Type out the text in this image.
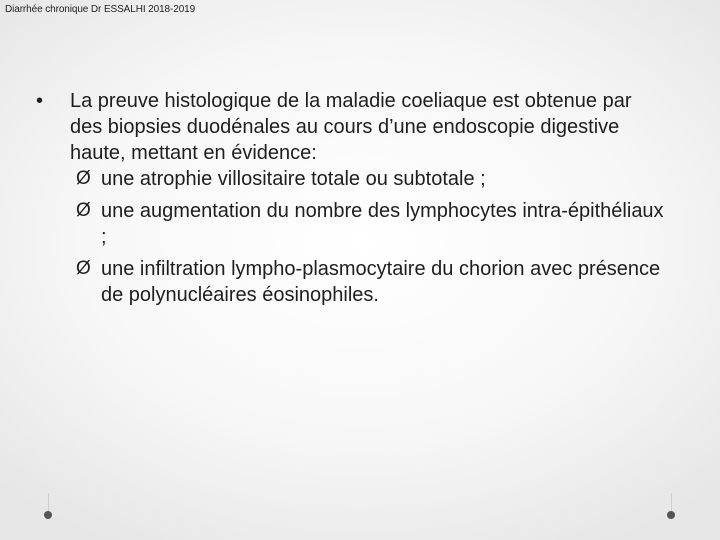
Diarrhée chronique Dr ESSALHI 2018-2019
• La preuve histologique de la maladie coeliaque est obtenue par des biopsies duodénales au cours d’une endoscopie digestive haute, mettant en évidence:
Ø une atrophie villositaire totale ou subtotale ;
Ø une augmentation du nombre des lymphocytes intra-épithéliaux ;
Ø une infiltration lympho-plasmocytaire du chorion avec présence de polynucléaires éosinophiles.
